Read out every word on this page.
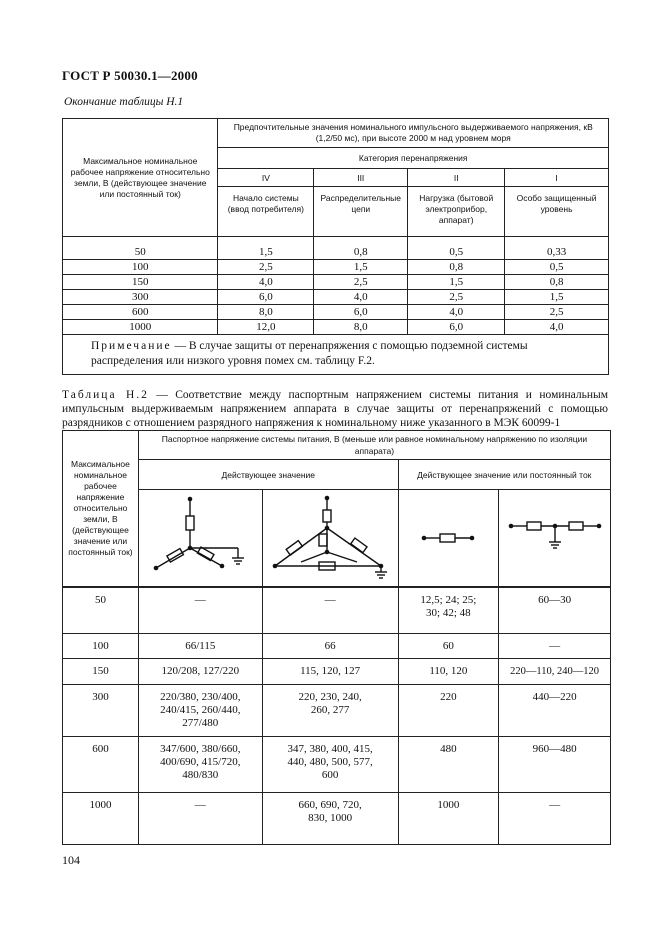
ГОСТ Р 50030.1—2000
Окончание таблицы Н.1
Максимальное номинальное рабочее напряжение относительно земли, В (действующее значение или постоянный ток)	Предпочтительные значения номинального импульсного выдерживаемого напряжения, кВ (1,2/50 мс), при высоте 2000 м над уровнем моря			
	Категория перенапряжения			
	IV	III	II	I
	Начало системы (ввод потребителя)	Распределительные цепи	Нагрузка (бытовой электроприбор, аппарат)	Особо защищенный уровень
50	1,5	0,8	0,5	0,33
100	2,5	1,5	0,8	0,5
150	4,0	2,5	1,5	0,8
300	6,0	4,0	2,5	1,5
600	8,0	6,0	4,0	2,5
1000	12,0	8,0	6,0	4,0
Примечание — В случае защиты от перенапряжения с помощью подземной системы распределения или низкого уровня помех см. таблицу F.2.				
Таблица Н.2 — Соответствие между паспортным напряжением системы питания и номинальным импульсным выдерживаемым напряжением аппарата в случае защиты от перенапряжений с помощью разрядников с отношением разрядного напряжения к номинальному ниже указанного в МЭК 60099-1
Максимальное номинальное рабочее напряжение относительно земли, В (действующее значение или постоянный ток)	Паспортное напряжение системы питания, В (меньше или равное номинальному напряжению по изоляции аппарата)			
	Действующее значение		Действующее значение или постоянный ток	

50	—	—	12,5; 24; 25; 30; 42; 48	60—30
100	66/115	66	60	—
150	120/208, 127/220	115, 120, 127	110, 120	220—110, 240—120
300	220/380, 230/400, 240/415, 260/440, 277/480	220, 230, 240, 260, 277	220	440—220
600	347/600, 380/660, 400/690, 415/720, 480/830	347, 380, 400, 415, 440, 480, 500, 577, 600	480	960—480
1000	—	660, 690, 720, 830, 1000	1000	—
104
